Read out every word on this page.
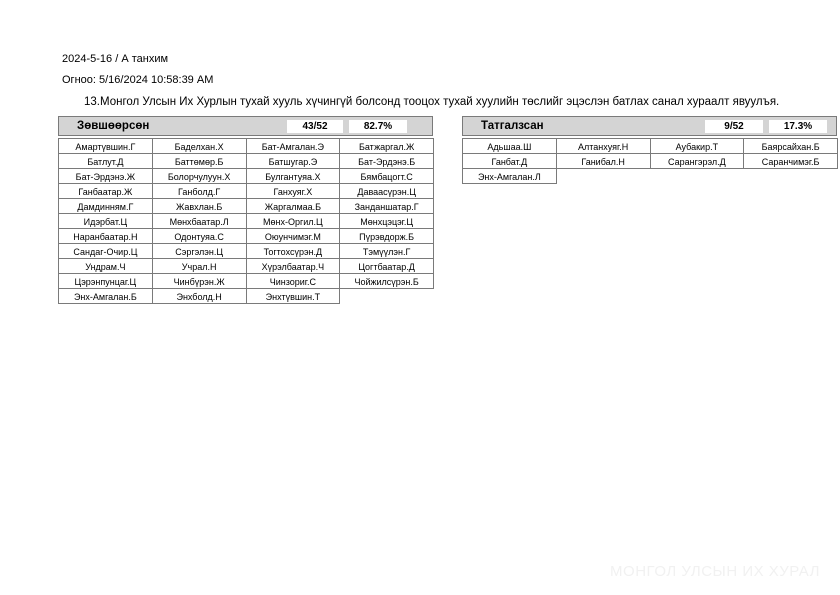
2024-5-16 / А танхим
Огноо: 5/16/2024 10:58:39 AM
13.Монгол Улсын Их Хурлын тухай хууль хүчингүй болсонд тооцох тухай хуулийн төслийг эцэслэн батлах санал хураалт явуулъя.
Зөвшөөрсөн	43/52	82.7%
Амартүвшин.Г	Баделхан.Х	Бат-Амгалан.Э	Батжаргал.Ж
Батлут.Д	Баттөмөр.Б	Батшугар.Э	Бат-Эрдэнэ.Б
Бат-Эрдэнэ.Ж	Болорчулуун.Х	Булгантуяа.Х	Бямбацогт.С
Ганбаатар.Ж	Ганболд.Г	Ганхуяг.Х	Даваасүрэн.Ц
Дамдинням.Г	Жавхлан.Б	Жаргалмаа.Б	Занданшатар.Г
Идэрбат.Ц	Мөнхбаатар.Л	Мөнх-Оргил.Ц	Мөнхцэцэг.Ц
Наранбаатар.Н	Одонтуяа.С	Оюунчимэг.М	Пүрэвдорж.Б
Сандаг-Очир.Ц	Сэргэлэн.Ц	Тогтохсүрэн.Д	Тэмүүлэн.Г
Ундрам.Ч	Учрал.Н	Хүрэлбаатар.Ч	Цогтбаатар.Д
Цэрэнпунцаг.Ц	Чинбүрэн.Ж	Чинзориг.С	Чойжилсүрэн.Б
Энх-Амгалан.Б	Энхболд.Н	Энхтүвшин.Т
Татгалзсан	9/52	17.3%
Адьшаа.Ш	Алтанхуяг.Н	Аубакир.Т	Баярсайхан.Б
Ганбат.Д	Ганибал.Н	Сарангэрэл.Д	Саранчимэг.Б
Энх-Амгалан.Л
МОНГОЛ УЛСЫН ИХ ХУРАЛ
